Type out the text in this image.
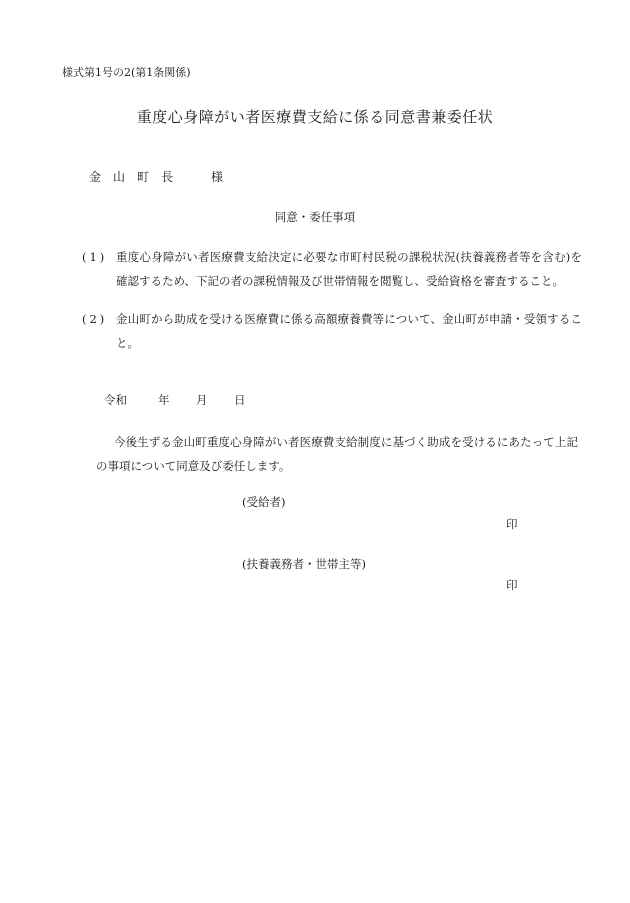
様式第1号の2(第1条関係)
重度心身障がい者医療費支給に係る同意書兼委任状
金山町長 様
同意・委任事項
(1) 重度心身障がい者医療費支給決定に必要な市町村民税の課税状況(扶養義務者等を含む)を確認するため、下記の者の課税情報及び世帯情報を閲覧し、受給資格を審査すること。
(2) 金山町から助成を受ける医療費に係る高額療養費等について、金山町が申請・受領すること。
令和	年 月 日
今後生ずる金山町重度心身障がい者医療費支給制度に基づく助成を受けるにあたって上記の事項について同意及び委任します。
(受給者)
印
(扶養義務者・世帯主等)
印
